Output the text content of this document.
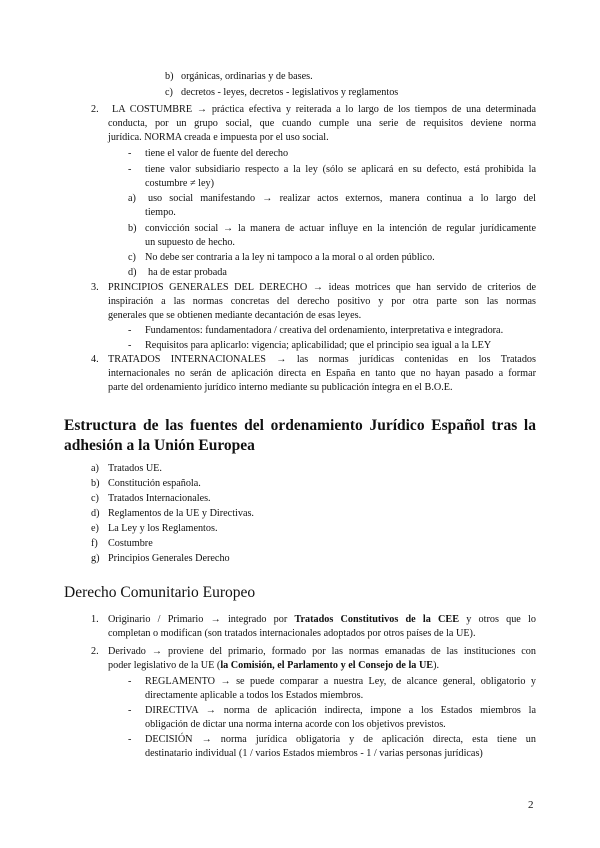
b) orgánicas, ordinarias y de bases.
c) decretos - leyes, decretos - legislativos y reglamentos
2. LA COSTUMBRE → práctica efectiva y reiterada a lo largo de los tiempos de una determinada
conducta, por un grupo social, que cuando cumple una serie de requisitos deviene norma
jurídica. NORMA creada e impuesta por el uso social.
- tiene el valor de fuente del derecho
- tiene valor subsidiario respecto a la ley (sólo se aplicará en su defecto, está prohibida la
costumbre ≠ ley)
a) uso social manifestando → realizar actos externos, manera continua a lo largo del
tiempo.
b) convicción social → la manera de actuar influye en la intención de regular jurídicamente
un supuesto de hecho.
c) No debe ser contraria a la ley ni tampoco a la moral o al orden público.
d) ha de estar probada
3. PRINCIPIOS GENERALES DEL DERECHO → ideas motrices que han servido de criterios de
inspiración a las normas concretas del derecho positivo y por otra parte son las normas
generales que se obtienen mediante decantación de esas leyes.
- Fundamentos: fundamentadora / creativa del ordenamiento, interpretativa e integradora.
- Requisitos para aplicarlo: vigencia; aplicabilidad; que el principio sea igual a la LEY
4. TRATADOS INTERNACIONALES → las normas jurídicas contenidas en los Tratados
internacionales no serán de aplicación directa en España en tanto que no hayan pasado a formar
parte del ordenamiento jurídico interno mediante su publicación íntegra en el B.O.E.
Estructura de las fuentes del ordenamiento Jurídico Español tras la
adhesión a la Unión Europea
a) Tratados UE.
b) Constitución española.
c) Tratados Internacionales.
d) Reglamentos de la UE y Directivas.
e) La Ley y los Reglamentos.
f) Costumbre
g) Principios Generales Derecho
Derecho Comunitario Europeo
1. Originario / Primario → integrado por Tratados Constitutivos de la CEE y otros que lo
completan o modifican (son tratados internacionales adoptados por otros países de la UE).
2. Derivado → proviene del primario, formado por las normas emanadas de las instituciones con
poder legislativo de la UE (la Comisión, el Parlamento y el Consejo de la UE).
- REGLAMENTO → se puede comparar a nuestra Ley, de alcance general, obligatorio y
directamente aplicable a todos los Estados miembros.
- DIRECTIVA → norma de aplicación indirecta, impone a los Estados miembros la
obligación de dictar una norma interna acorde con los objetivos previstos.
- DECISIÓN → norma jurídica obligatoria y de aplicación directa, esta tiene un
destinatario individual (1 / varios Estados miembros - 1 / varias personas jurídicas)
2
